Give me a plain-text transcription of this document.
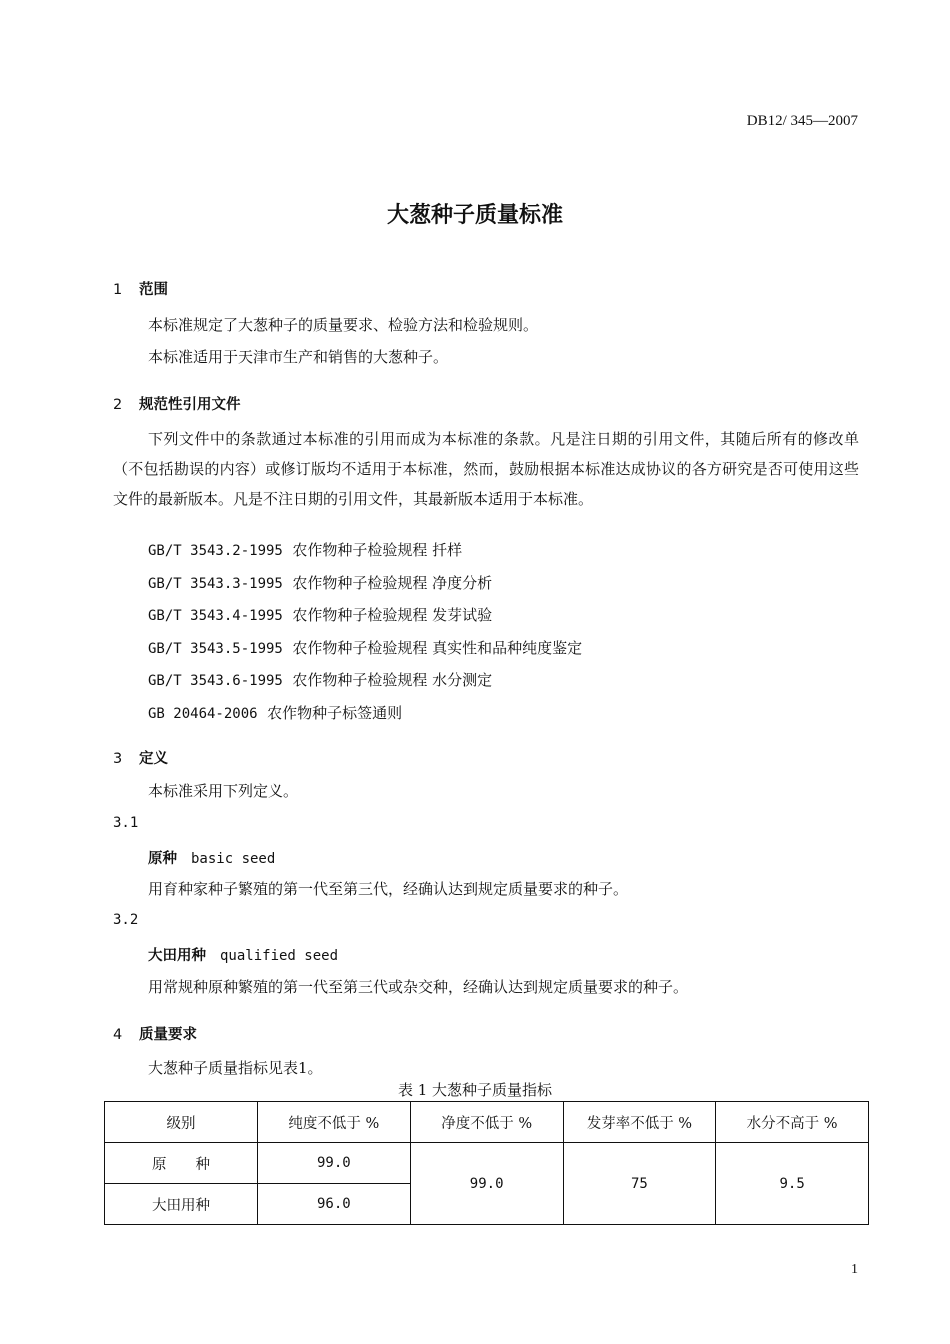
DB12/ 345—2007
大葱种子质量标准
1 范围
本标准规定了大葱种子的质量要求、检验方法和检验规则。
本标准适用于天津市生产和销售的大葱种子。
2 规范性引用文件
下列文件中的条款通过本标准的引用而成为本标准的条款。凡是注日期的引用文件，其随后所有的修改单（不包括勘误的内容）或修订版均不适用于本标准，然而，鼓励根据本标准达成协议的各方研究是否可使用这些文件的最新版本。凡是不注日期的引用文件，其最新版本适用于本标准。
GB/T 3543.2-1995 农作物种子检验规程 扦样
GB/T 3543.3-1995 农作物种子检验规程 净度分析
GB/T 3543.4-1995 农作物种子检验规程 发芽试验
GB/T 3543.5-1995 农作物种子检验规程 真实性和品种纯度鉴定
GB/T 3543.6-1995 农作物种子检验规程 水分测定
GB 20464-2006 农作物种子标签通则
3 定义
本标准采用下列定义。
3.1
原种 basic seed
用育种家种子繁殖的第一代至第三代，经确认达到规定质量要求的种子。
3.2
大田用种 qualified seed
用常规种原种繁殖的第一代至第三代或杂交种，经确认达到规定质量要求的种子。
4 质量要求
大葱种子质量指标见表1。
表 1 大葱种子质量指标
级别	纯度不低于 %	净度不低于 %	发芽率不低于 %	水分不高于 %
原　　种	99.0	99.0	75	9.5
大田用种	96.0			
1
